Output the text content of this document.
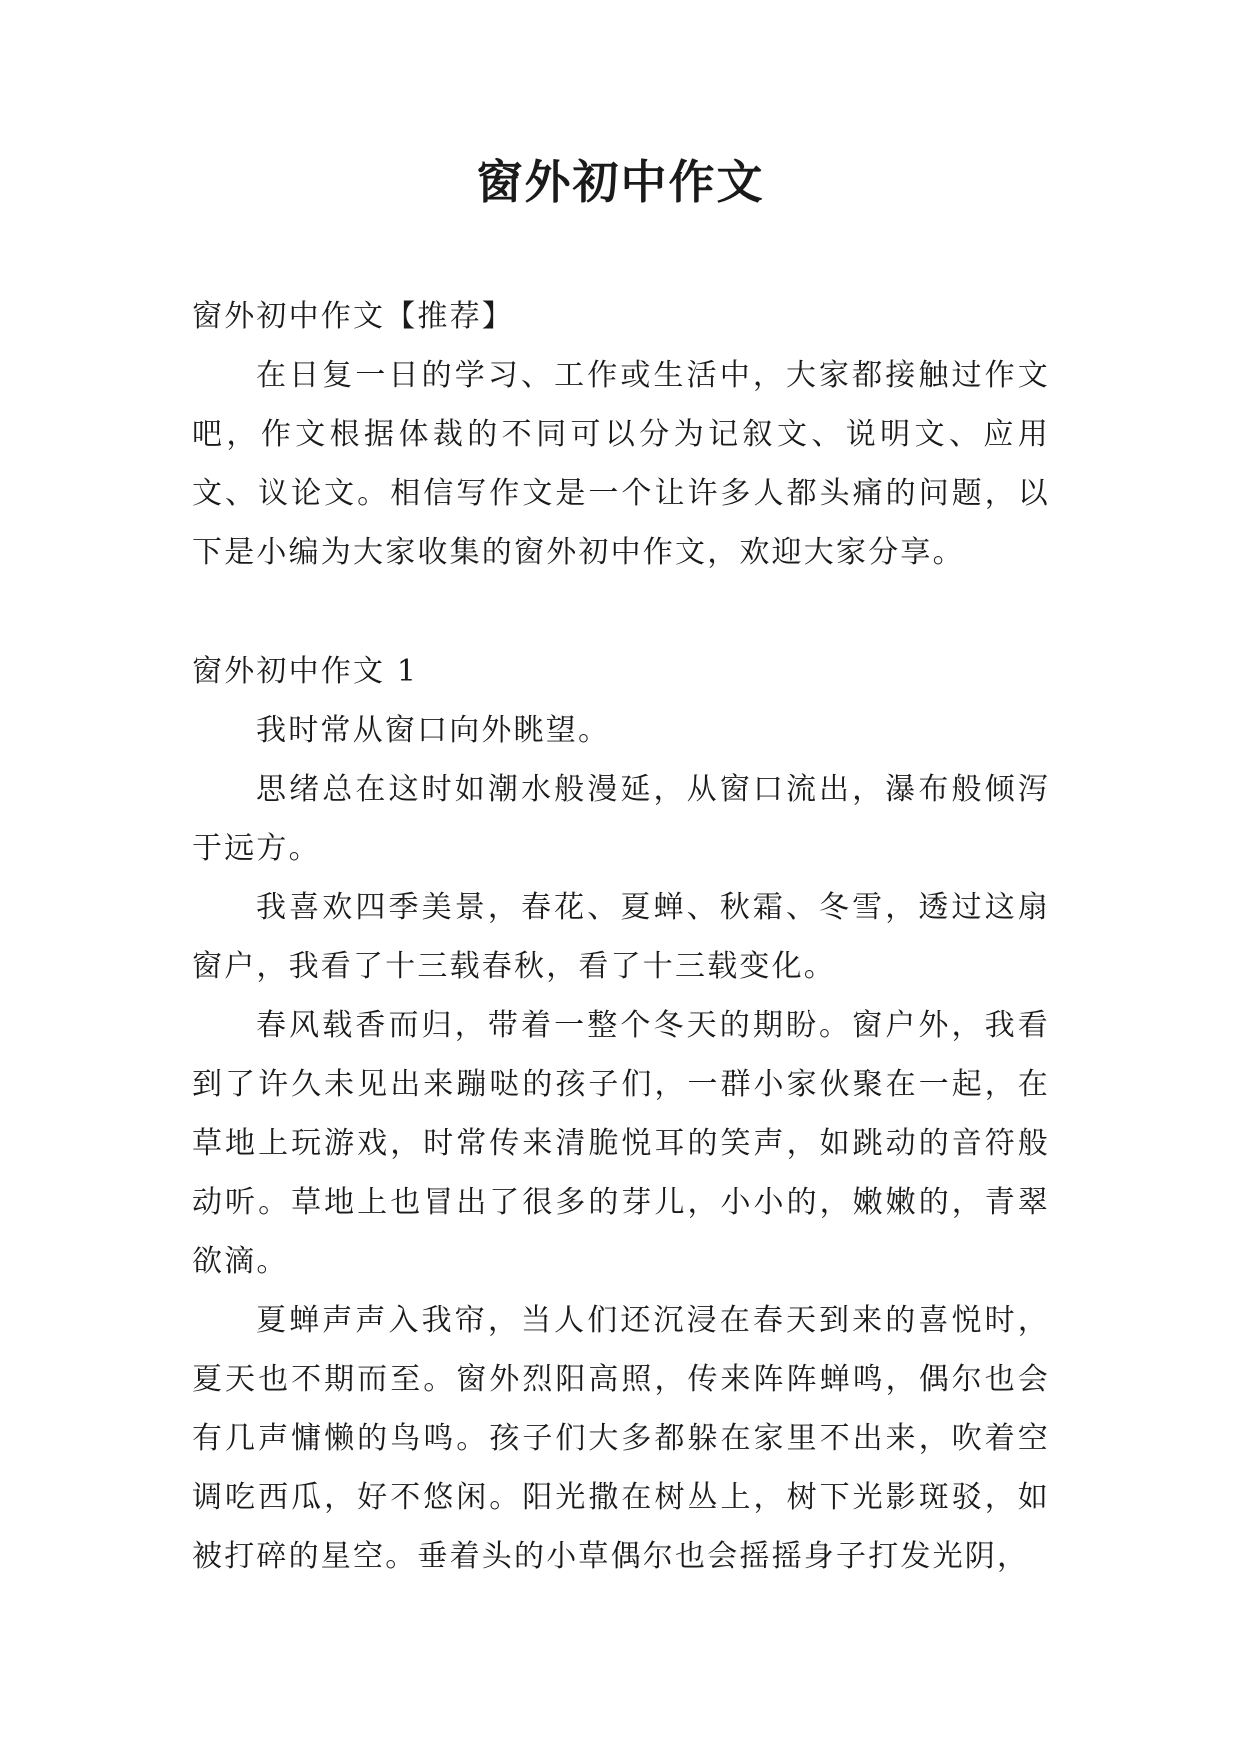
窗外初中作文

窗外初中作文【推荐】

在日复一日的学习、工作或生活中，大家都接触过作文吧，作文根据体裁的不同可以分为记叙文、说明文、应用文、议论文。相信写作文是一个让许多人都头痛的问题，以下是小编为大家收集的窗外初中作文，欢迎大家分享。

窗外初中作文 1

我时常从窗口向外眺望。

思绪总在这时如潮水般漫延，从窗口流出，瀑布般倾泻于远方。

我喜欢四季美景，春花、夏蝉、秋霜、冬雪，透过这扇窗户，我看了十三载春秋，看了十三载变化。

春风载香而归，带着一整个冬天的期盼。窗户外，我看到了许久未见出来蹦哒的孩子们，一群小家伙聚在一起，在草地上玩游戏，时常传来清脆悦耳的笑声，如跳动的音符般动听。草地上也冒出了很多的芽儿，小小的，嫩嫩的，青翠欲滴。

夏蝉声声入我帘，当人们还沉浸在春天到来的喜悦时，夏天也不期而至。窗外烈阳高照，传来阵阵蝉鸣，偶尔也会有几声慵懒的鸟鸣。孩子们大多都躲在家里不出来，吹着空调吃西瓜，好不悠闲。阳光撒在树丛上，树下光影斑驳，如被打碎的星空。垂着头的小草偶尔也会摇摇身子打发光阴，
